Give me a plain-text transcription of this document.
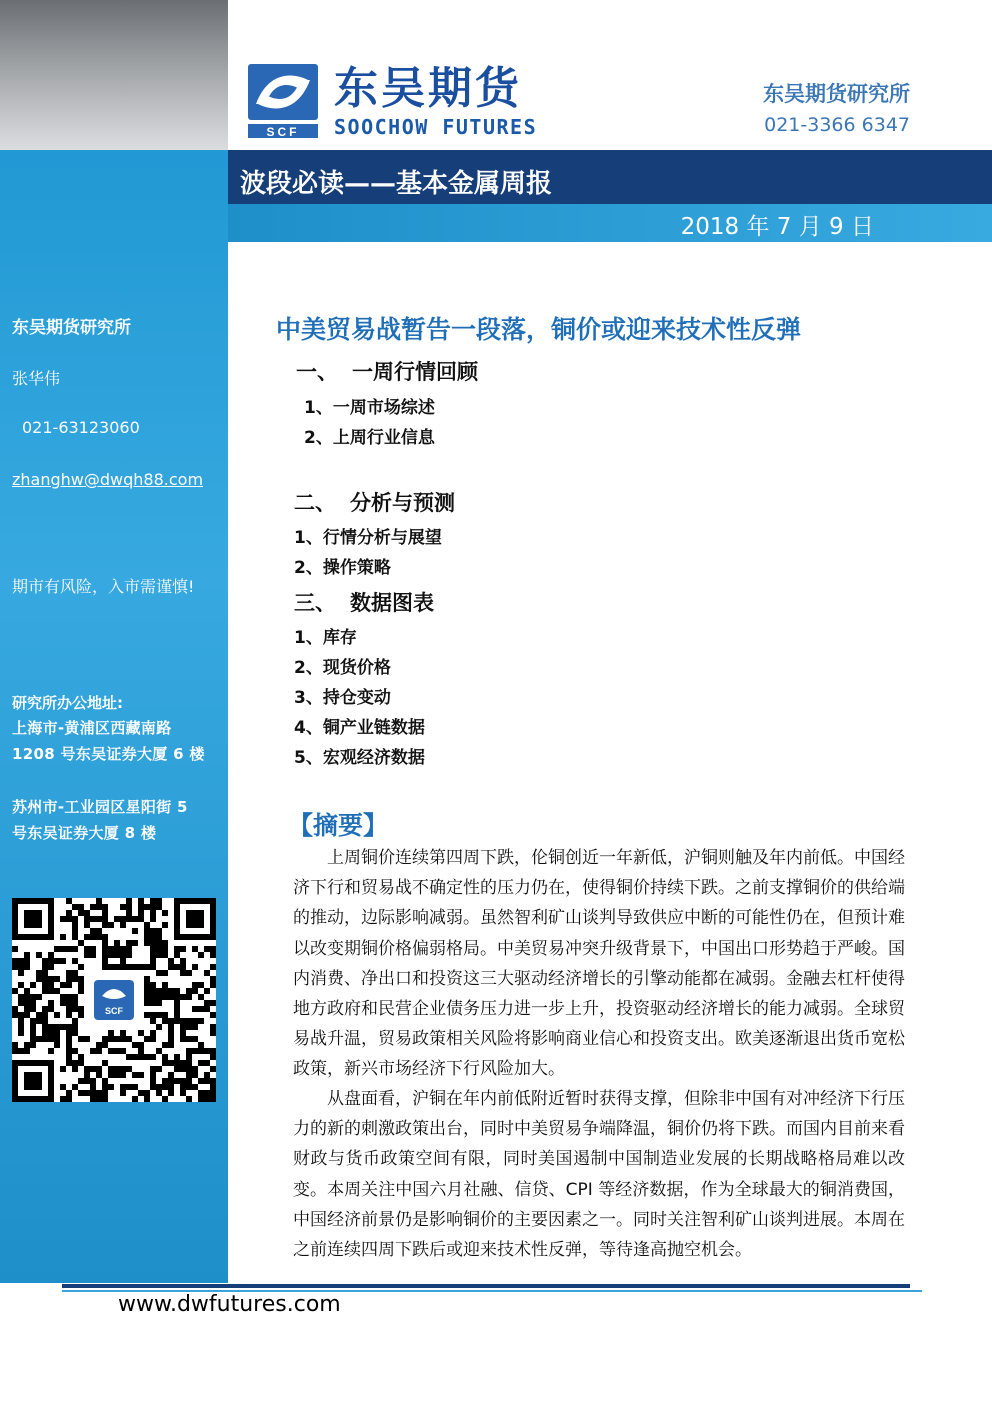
东吴期货研究所
张华伟
021-63123060
zhanghw@dwqh88.com
期市有风险，入市需谨慎!
研究所办公地址:
上海市-黄浦区西藏南路
1208 号东吴证券大厦 6 楼
苏州市-工业园区星阳街 5
号东吴证券大厦 8 楼
SCF
SCF
东吴期货
SOOCHOW FUTURES
东吴期货研究所
021-3366 6347
波段必读——基本金属周报
2018 年 7 月 9 日
中美贸易战暂告一段落，铜价或迎来技术性反弹
一、 一周行情回顾
1、一周市场综述
2、上周行业信息
二、 分析与预测
1、行情分析与展望
2、操作策略
三、 数据图表
1、库存
2、现货价格
3、持仓变动
4、铜产业链数据
5、宏观经济数据
【摘要】
上周铜价连续第四周下跌，伦铜创近一年新低，沪铜则触及年内前低。中国经济下行和贸易战不确定性的压力仍在，使得铜价持续下跌。之前支撑铜价的供给端的推动，边际影响减弱。虽然智利矿山谈判导致供应中断的可能性仍在，但预计难以改变期铜价格偏弱格局。中美贸易冲突升级背景下，中国出口形势趋于严峻。国内消费、净出口和投资这三大驱动经济增长的引擎动能都在减弱。金融去杠杆使得地方政府和民营企业债务压力进一步上升，投资驱动经济增长的能力减弱。全球贸易战升温，贸易政策相关风险将影响商业信心和投资支出。欧美逐渐退出货币宽松政策，新兴市场经济下行风险加大。
从盘面看，沪铜在年内前低附近暂时获得支撑，但除非中国有对冲经济下行压力的新的刺激政策出台，同时中美贸易争端降温，铜价仍将下跌。而国内目前来看财政与货币政策空间有限，同时美国遏制中国制造业发展的长期战略格局难以改变。本周关注中国六月社融、信贷、CPI 等经济数据，作为全球最大的铜消费国，中国经济前景仍是影响铜价的主要因素之一。同时关注智利矿山谈判进展。本周在之前连续四周下跌后或迎来技术性反弹，等待逢高抛空机会。
www.dwfutures.com
